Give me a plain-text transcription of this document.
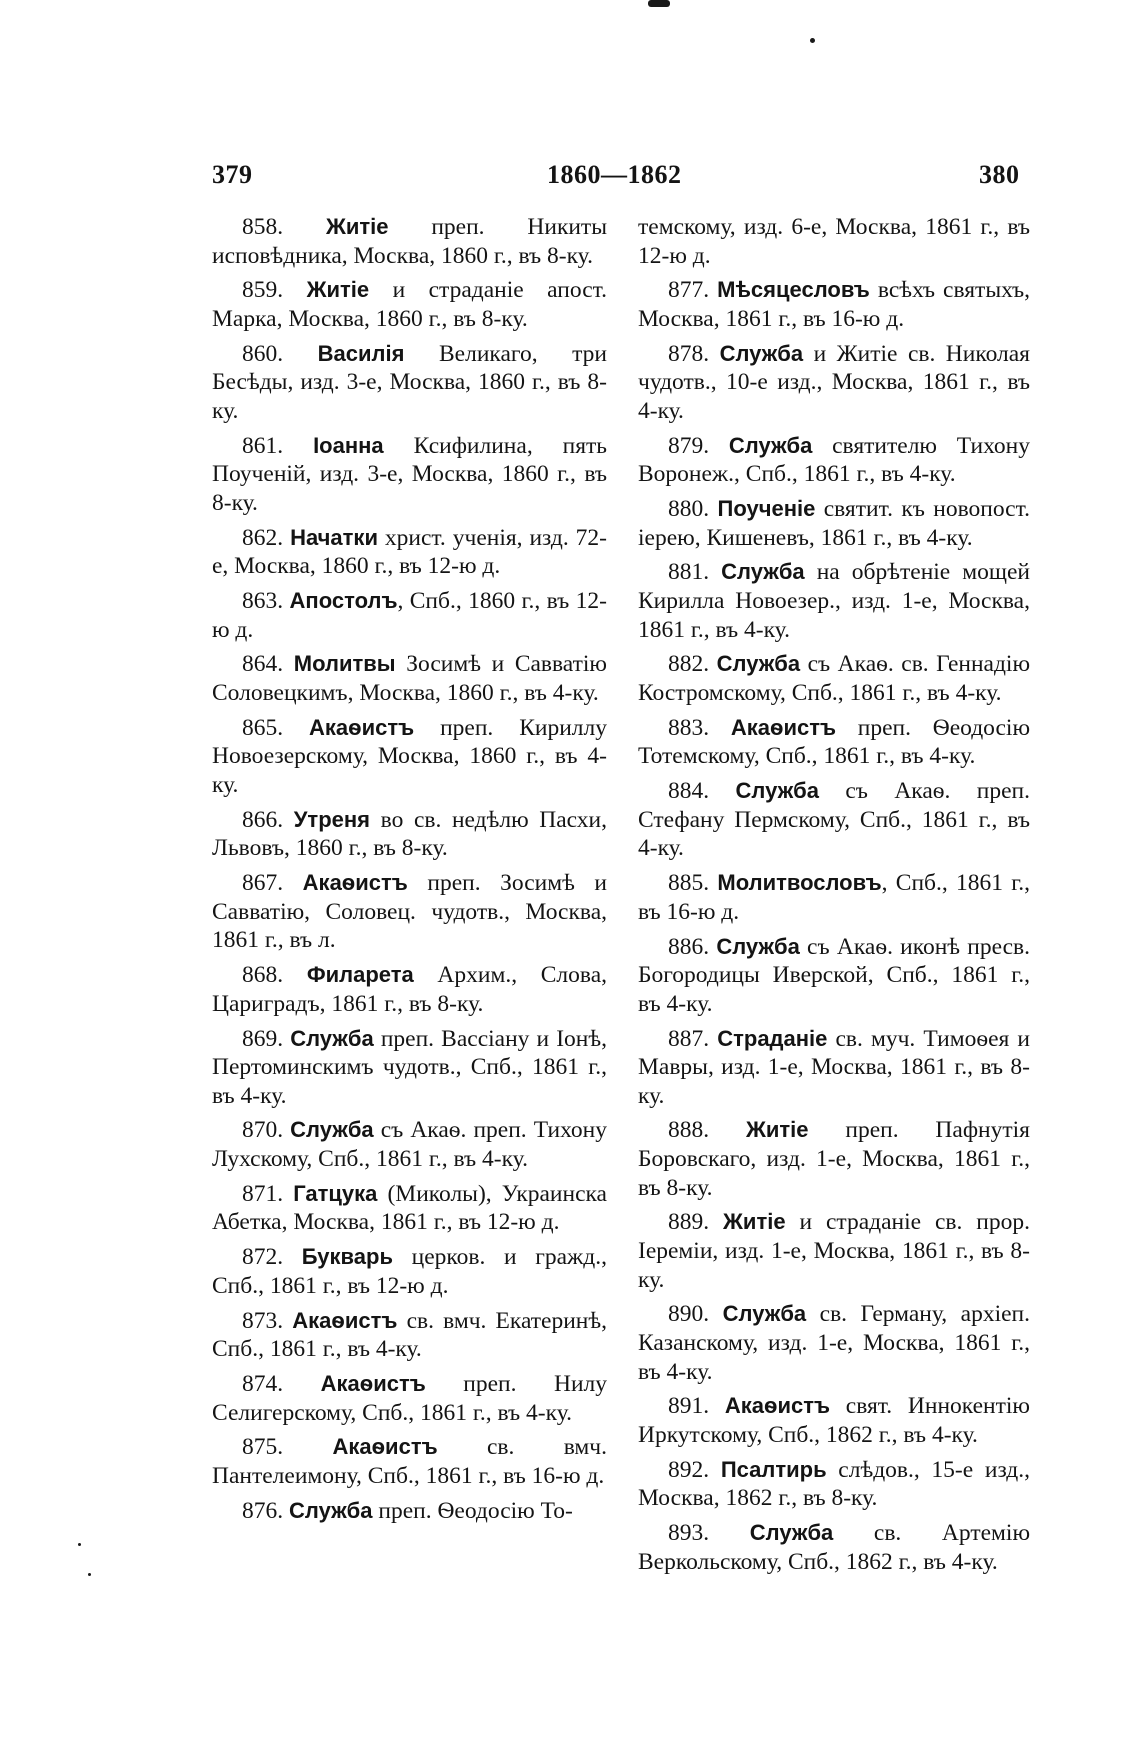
379	1860—1862	380

858. Житіе преп. Никиты исповѣдника, Москва, 1860 г., въ 8-ку.

859. Житіе и страданіе апост. Марка, Москва, 1860 г., въ 8-ку.

860. Василія Великаго, три Бесѣды, изд. 3-е, Москва, 1860 г., въ 8-ку.

861. Іоанна Ксифилина, пять Поученій, изд. 3-е, Москва, 1860 г., въ 8-ку.

862. Начатки христ. ученія, изд. 72-е, Москва, 1860 г., въ 12-ю д.

863. Апостолъ, Спб., 1860 г., въ 12-ю д.

864. Молитвы Зосимѣ и Савватію Соловецкимъ, Москва, 1860 г., въ 4-ку.

865. Акаѳистъ преп. Кириллу Новоезерскому, Москва, 1860 г., въ 4-ку.

866. Утреня во св. недѣлю Пасхи, Львовъ, 1860 г., въ 8-ку.

867. Акаѳистъ преп. Зосимѣ и Савватію, Соловец. чудотв., Москва, 1861 г., въ л.

868. Филарета Архим., Слова, Цариградъ, 1861 г., въ 8-ку.

869. Служба преп. Вассіану и Іонѣ, Пертоминскимъ чудотв., Спб., 1861 г., въ 4-ку.

870. Служба съ Акаѳ. преп. Тихону Лухскому, Спб., 1861 г., въ 4-ку.

871. Гатцука (Миколы), Украинска Абетка, Москва, 1861 г., въ 12-ю д.

872. Букварь церков. и гражд., Спб., 1861 г., въ 12-ю д.

873. Акаѳистъ св. вмч. Екатеринѣ, Спб., 1861 г., въ 4-ку.

874. Акаѳистъ преп. Нилу Селигерскому, Спб., 1861 г., въ 4-ку.

875. Акаѳистъ св. вмч. Пантелеимону, Спб., 1861 г., въ 16-ю д.

876. Служба преп. Ѳеодосію То-

темскому, изд. 6-е, Москва, 1861 г., въ 12-ю д.

877. Мѣсяцесловъ всѣхъ святыхъ, Москва, 1861 г., въ 16-ю д.

878. Служба и Житіе св. Николая чудотв., 10-е изд., Москва, 1861 г., въ 4-ку.

879. Служба святителю Тихону Воронеж., Спб., 1861 г., въ 4-ку.

880. Поученіе святит. къ новопост. іерею, Кишеневъ, 1861 г., въ 4-ку.

881. Служба на обрѣтеніе мощей Кирилла Новоезер., изд. 1-е, Москва, 1861 г., въ 4-ку.

882. Служба съ Акаѳ. св. Геннадію Костромскому, Спб., 1861 г., въ 4-ку.

883. Акаѳистъ преп. Ѳеодосію Тотемскому, Спб., 1861 г., въ 4-ку.

884. Служба съ Акаѳ. преп. Стефану Пермскому, Спб., 1861 г., въ 4-ку.

885. Молитвословъ, Спб., 1861 г., въ 16-ю д.

886. Служба съ Акаѳ. иконѣ пресв. Богородицы Иверской, Спб., 1861 г., въ 4-ку.

887. Страданіе св. муч. Тимоѳея и Мавры, изд. 1-е, Москва, 1861 г., въ 8-ку.

888. Житіе преп. Пафнутія Боровскаго, изд. 1-е, Москва, 1861 г., въ 8-ку.

889. Житіе и страданіе св. прор. Іереміи, изд. 1-е, Москва, 1861 г., въ 8-ку.

890. Служба св. Герману, архіеп. Казанскому, изд. 1-е, Москва, 1861 г., въ 4-ку.

891. Акаѳистъ свят. Иннокентію Иркутскому, Спб., 1862 г., въ 4-ку.

892. Псалтирь слѣдов., 15-е изд., Москва, 1862 г., въ 8-ку.

893. Служба св. Артемію Веркольскому, Спб., 1862 г., въ 4-ку.
